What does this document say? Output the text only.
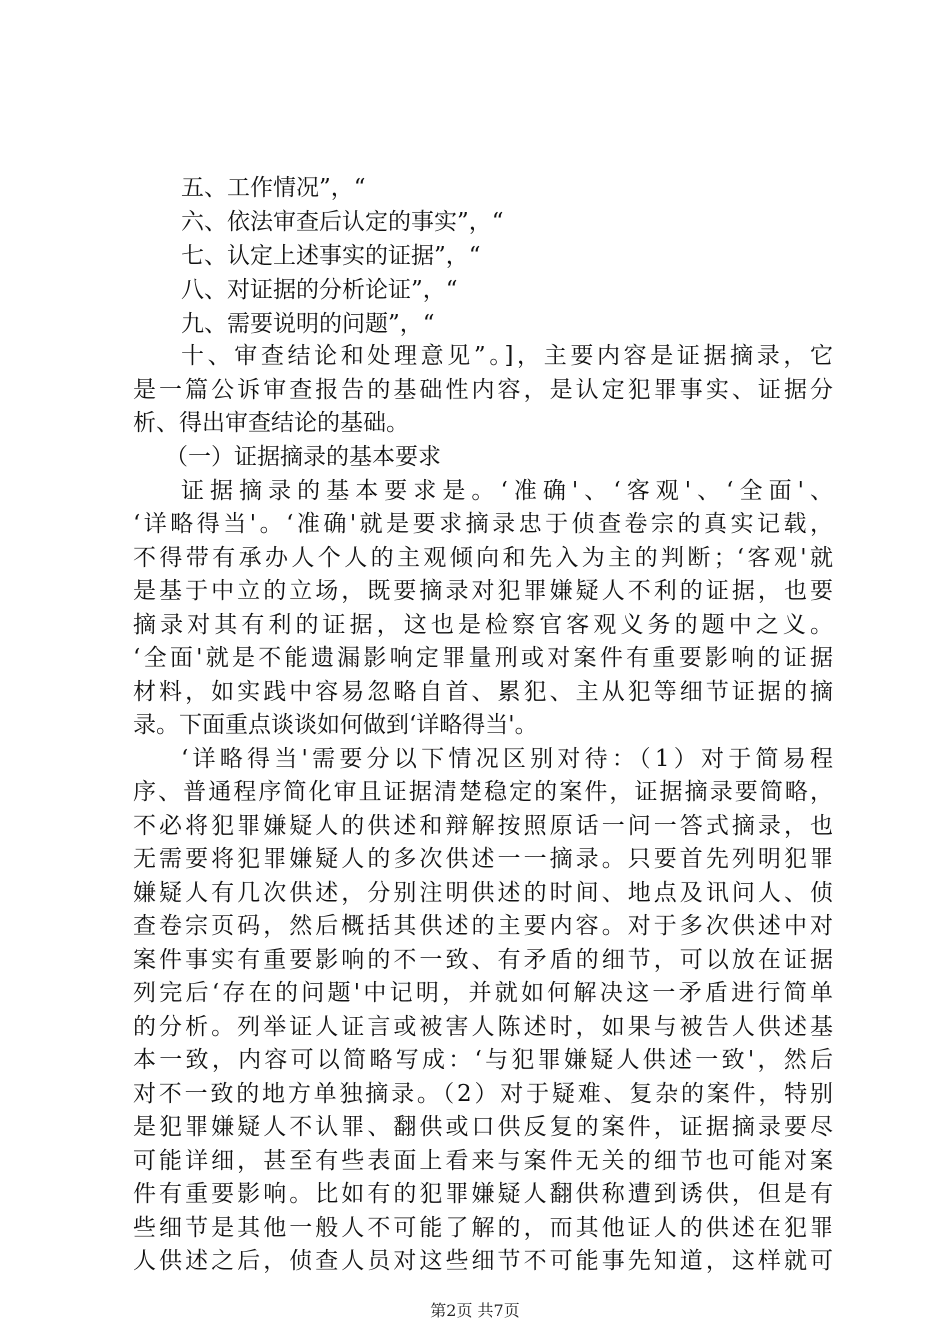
五、工作情况”，“
六、依法审查后认定的事实”，“
七、认定上述事实的证据”，“
八、对证据的分析论证”，“
九、需要说明的问题”，“
十、审查结论和处理意见”。]，主要内容是证据摘录，它
是一篇公诉审查报告的基础性内容，是认定犯罪事实、证据分
析、得出审查结论的基础。
（一）证据摘录的基本要求
证据摘录的基本要求是。‘准确'、‘客观'、‘全面'、
‘详略得当'。‘准确'就是要求摘录忠于侦查卷宗的真实记载，
不得带有承办人个人的主观倾向和先入为主的判断；‘客观'就
是基于中立的立场，既要摘录对犯罪嫌疑人不利的证据，也要
摘录对其有利的证据，这也是检察官客观义务的题中之义。
‘全面'就是不能遗漏影响定罪量刑或对案件有重要影响的证据
材料，如实践中容易忽略自首、累犯、主从犯等细节证据的摘
录。下面重点谈谈如何做到‘详略得当'。
‘详略得当'需要分以下情况区别对待：（1）对于简易程
序、普通程序简化审且证据清楚稳定的案件，证据摘录要简略，
不必将犯罪嫌疑人的供述和辩解按照原话一问一答式摘录，也
无需要将犯罪嫌疑人的多次供述一一摘录。只要首先列明犯罪
嫌疑人有几次供述，分别注明供述的时间、地点及讯问人、侦
查卷宗页码，然后概括其供述的主要内容。对于多次供述中对
案件事实有重要影响的不一致、有矛盾的细节，可以放在证据
列完后‘存在的问题'中记明，并就如何解决这一矛盾进行简单
的分析。列举证人证言或被害人陈述时，如果与被告人供述基
本一致，内容可以简略写成：‘与犯罪嫌疑人供述一致'，然后
对不一致的地方单独摘录。（2）对于疑难、复杂的案件，特别
是犯罪嫌疑人不认罪、翻供或口供反复的案件，证据摘录要尽
可能详细，甚至有些表面上看来与案件无关的细节也可能对案
件有重要影响。比如有的犯罪嫌疑人翻供称遭到诱供，但是有
些细节是其他一般人不可能了解的，而其他证人的供述在犯罪
人供述之后，侦查人员对这些细节不可能事先知道，这样就可
第2页 共7页
